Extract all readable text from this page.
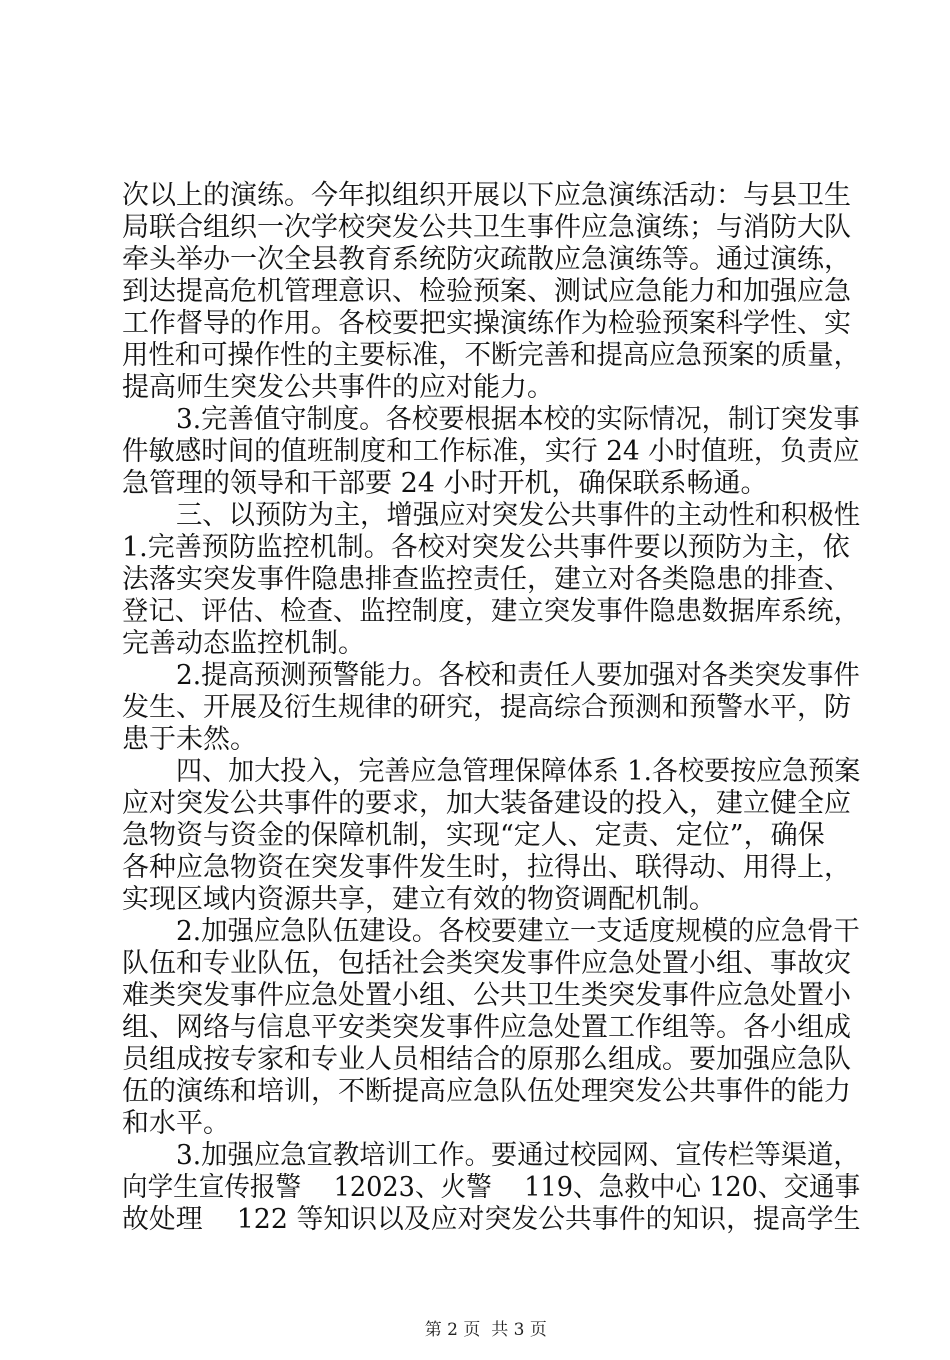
次以上的演练。今年拟组织开展以下应急演练活动：与县卫生
局联合组织一次学校突发公共卫生事件应急演练；与消防大队
牵头举办一次全县教育系统防灾疏散应急演练等。通过演练，
到达提高危机管理意识、检验预案、测试应急能力和加强应急
工作督导的作用。各校要把实操演练作为检验预案科学性、实
用性和可操作性的主要标准，不断完善和提高应急预案的质量，
提高师生突发公共事件的应对能力。
3.完善值守制度。各校要根据本校的实际情况，制订突发事
件敏感时间的值班制度和工作标准，实行 24 小时值班，负责应
急管理的领导和干部要 24 小时开机，确保联系畅通。
三、以预防为主，增强应对突发公共事件的主动性和积极性
1.完善预防监控机制。各校对突发公共事件要以预防为主，依
法落实突发事件隐患排查监控责任，建立对各类隐患的排查、
登记、评估、检查、监控制度，建立突发事件隐患数据库系统，
完善动态监控机制。
2.提高预测预警能力。各校和责任人要加强对各类突发事件
发生、开展及衍生规律的研究，提高综合预测和预警水平，防
患于未然。
四、加大投入，完善应急管理保障体系 1.各校要按应急预案
应对突发公共事件的要求，加大装备建设的投入，建立健全应
急物资与资金的保障机制，实现“定人、定责、定位”，确保
各种应急物资在突发事件发生时，拉得出、联得动、用得上，
实现区域内资源共享，建立有效的物资调配机制。
2.加强应急队伍建设。各校要建立一支适度规模的应急骨干
队伍和专业队伍，包括社会类突发事件应急处置小组、事故灾
难类突发事件应急处置小组、公共卫生类突发事件应急处置小
组、网络与信息平安类突发事件应急处置工作组等。各小组成
员组成按专家和专业人员相结合的原那么组成。要加强应急队
伍的演练和培训，不断提高应急队伍处理突发公共事件的能力
和水平。
3.加强应急宣教培训工作。要通过校园网、宣传栏等渠道，
向学生宣传报警    12023、火警    119、急救中心 120、交通事
故处理    122 等知识以及应对突发公共事件的知识，提高学生

第 2 页  共 3 页
